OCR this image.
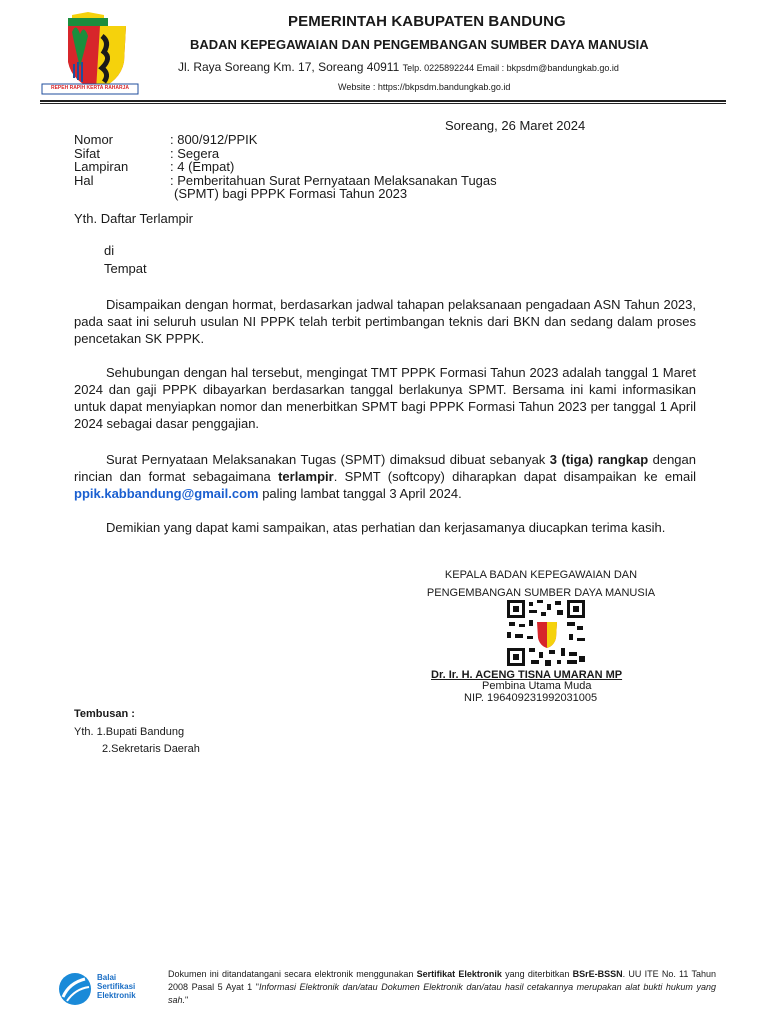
REPEH RAPIH KERTA RAHARJA
PEMERINTAH KABUPATEN BANDUNG
BADAN KEPEGAWAIAN DAN PENGEMBANGAN SUMBER DAYA MANUSIA
Jl. Raya Soreang Km. 17, Soreang 40911 Telp. 0225892244 Email : bkpsdm@bandungkab.go.id
Website : https://bkpsdm.bandungkab.go.id
Soreang, 26 Maret 2024
Nomor	: 800/912/PPIK
Sifat	: Segera
Lampiran	: 4 (Empat)
Hal	: Pemberitahuan Surat Pernyataan Melaksanakan Tugas
(SPMT) bagi PPPK Formasi Tahun 2023
Yth. Daftar Terlampir
di
Tempat
Disampaikan dengan hormat, berdasarkan jadwal tahapan pelaksanaan pengadaan ASN Tahun 2023, pada saat ini seluruh usulan NI PPPK telah terbit pertimbangan teknis dari BKN dan sedang dalam proses pencetakan SK PPPK.
Sehubungan dengan hal tersebut, mengingat TMT PPPK Formasi Tahun 2023 adalah tanggal 1 Maret 2024 dan gaji PPPK dibayarkan berdasarkan tanggal berlakunya SPMT. Bersama ini kami informasikan untuk dapat menyiapkan nomor dan menerbitkan SPMT bagi PPPK Formasi Tahun 2023 per tanggal 1 April 2024 sebagai dasar penggajian.
Surat Pernyataan Melaksanakan Tugas (SPMT) dimaksud dibuat sebanyak 3 (tiga) rangkap dengan rincian dan format sebagaimana terlampir. SPMT (softcopy) diharapkan dapat disampaikan ke email ppik.kabbandung@gmail.com paling lambat tanggal 3 April 2024.
Demikian yang dapat kami sampaikan, atas perhatian dan kerjasamanya diucapkan terima kasih.
KEPALA BADAN KEPEGAWAIAN DAN
PENGEMBANGAN SUMBER DAYA MANUSIA
Dr. Ir. H. ACENG TISNA UMARAN MP
Pembina Utama Muda
NIP. 196409231992031005
Tembusan :
Yth. 1.Bupati Bandung
2.Sekretaris Daerah
Balai
Sertifikasi
Elektronik
Dokumen ini ditandatangani secara elektronik menggunakan Sertifikat Elektronik yang diterbitkan BSrE-BSSN. UU ITE No. 11 Tahun 2008 Pasal 5 Ayat 1 "Informasi Elektronik dan/atau Dokumen Elektronik dan/atau hasil cetakannya merupakan alat bukti hukum yang sah."
